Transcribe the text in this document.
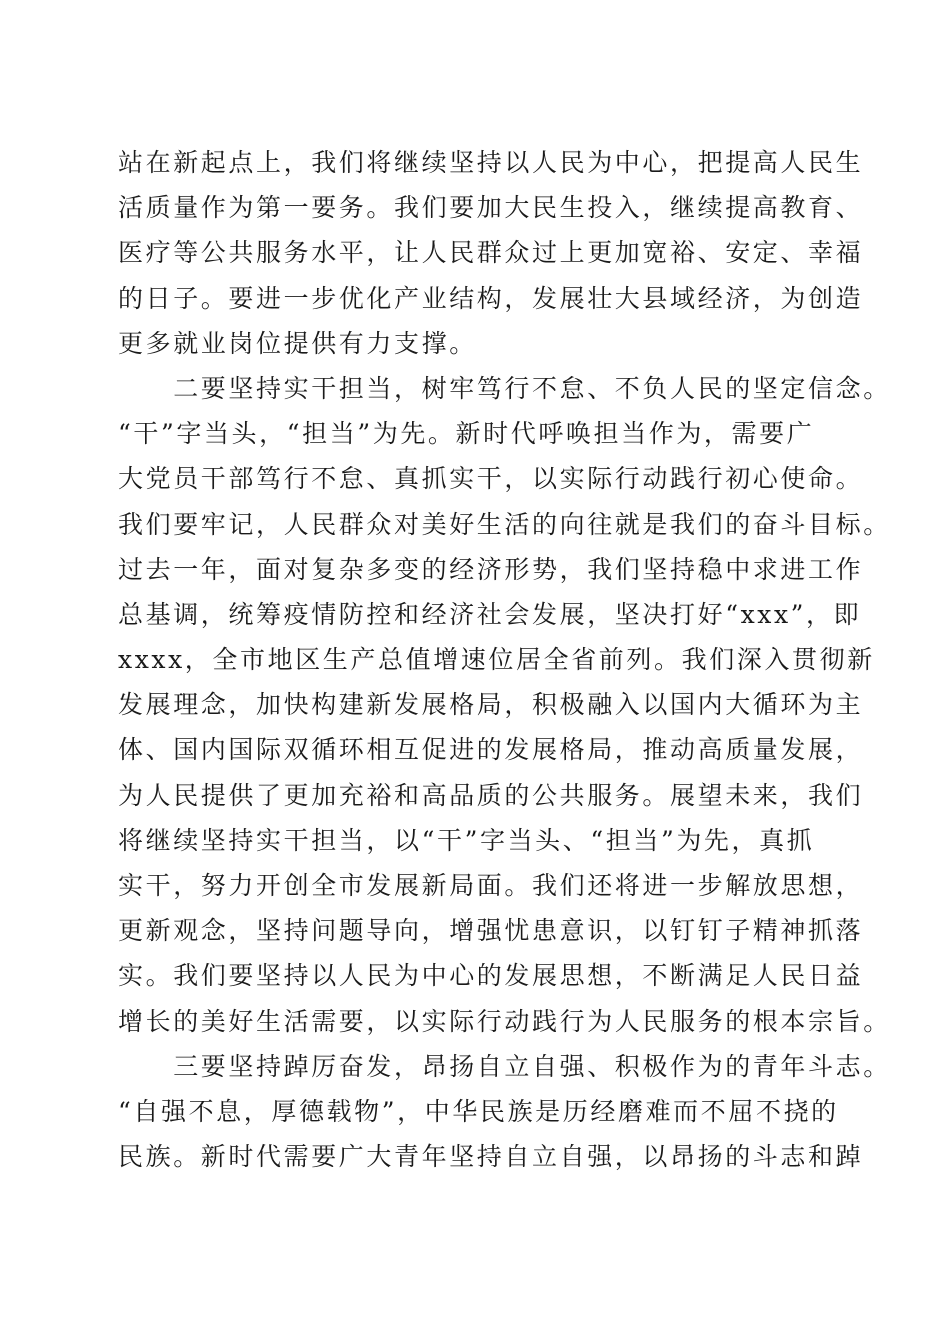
站在新起点上，我们将继续坚持以人民为中心，把提高人民生
活质量作为第一要务。我们要加大民生投入，继续提高教育、
医疗等公共服务水平，让人民群众过上更加宽裕、安定、幸福
的日子。要进一步优化产业结构，发展壮大县域经济，为创造
更多就业岗位提供有力支撑。
　　二要坚持实干担当，树牢笃行不怠、不负人民的坚定信念。
“干”字当头，“担当”为先。新时代呼唤担当作为，需要广
大党员干部笃行不怠、真抓实干，以实际行动践行初心使命。
我们要牢记，人民群众对美好生活的向往就是我们的奋斗目标。
过去一年，面对复杂多变的经济形势，我们坚持稳中求进工作
总基调，统筹疫情防控和经济社会发展，坚决打好“xxx”，即
xxxx，全市地区生产总值增速位居全省前列。我们深入贯彻新
发展理念，加快构建新发展格局，积极融入以国内大循环为主
体、国内国际双循环相互促进的发展格局，推动高质量发展，
为人民提供了更加充裕和高品质的公共服务。展望未来，我们
将继续坚持实干担当，以“干”字当头、“担当”为先，真抓
实干，努力开创全市发展新局面。我们还将进一步解放思想，
更新观念，坚持问题导向，增强忧患意识，以钉钉子精神抓落
实。我们要坚持以人民为中心的发展思想，不断满足人民日益
增长的美好生活需要，以实际行动践行为人民服务的根本宗旨。
　　三要坚持踔厉奋发，昂扬自立自强、积极作为的青年斗志。
“自强不息，厚德载物”，中华民族是历经磨难而不屈不挠的
民族。新时代需要广大青年坚持自立自强，以昂扬的斗志和踔
